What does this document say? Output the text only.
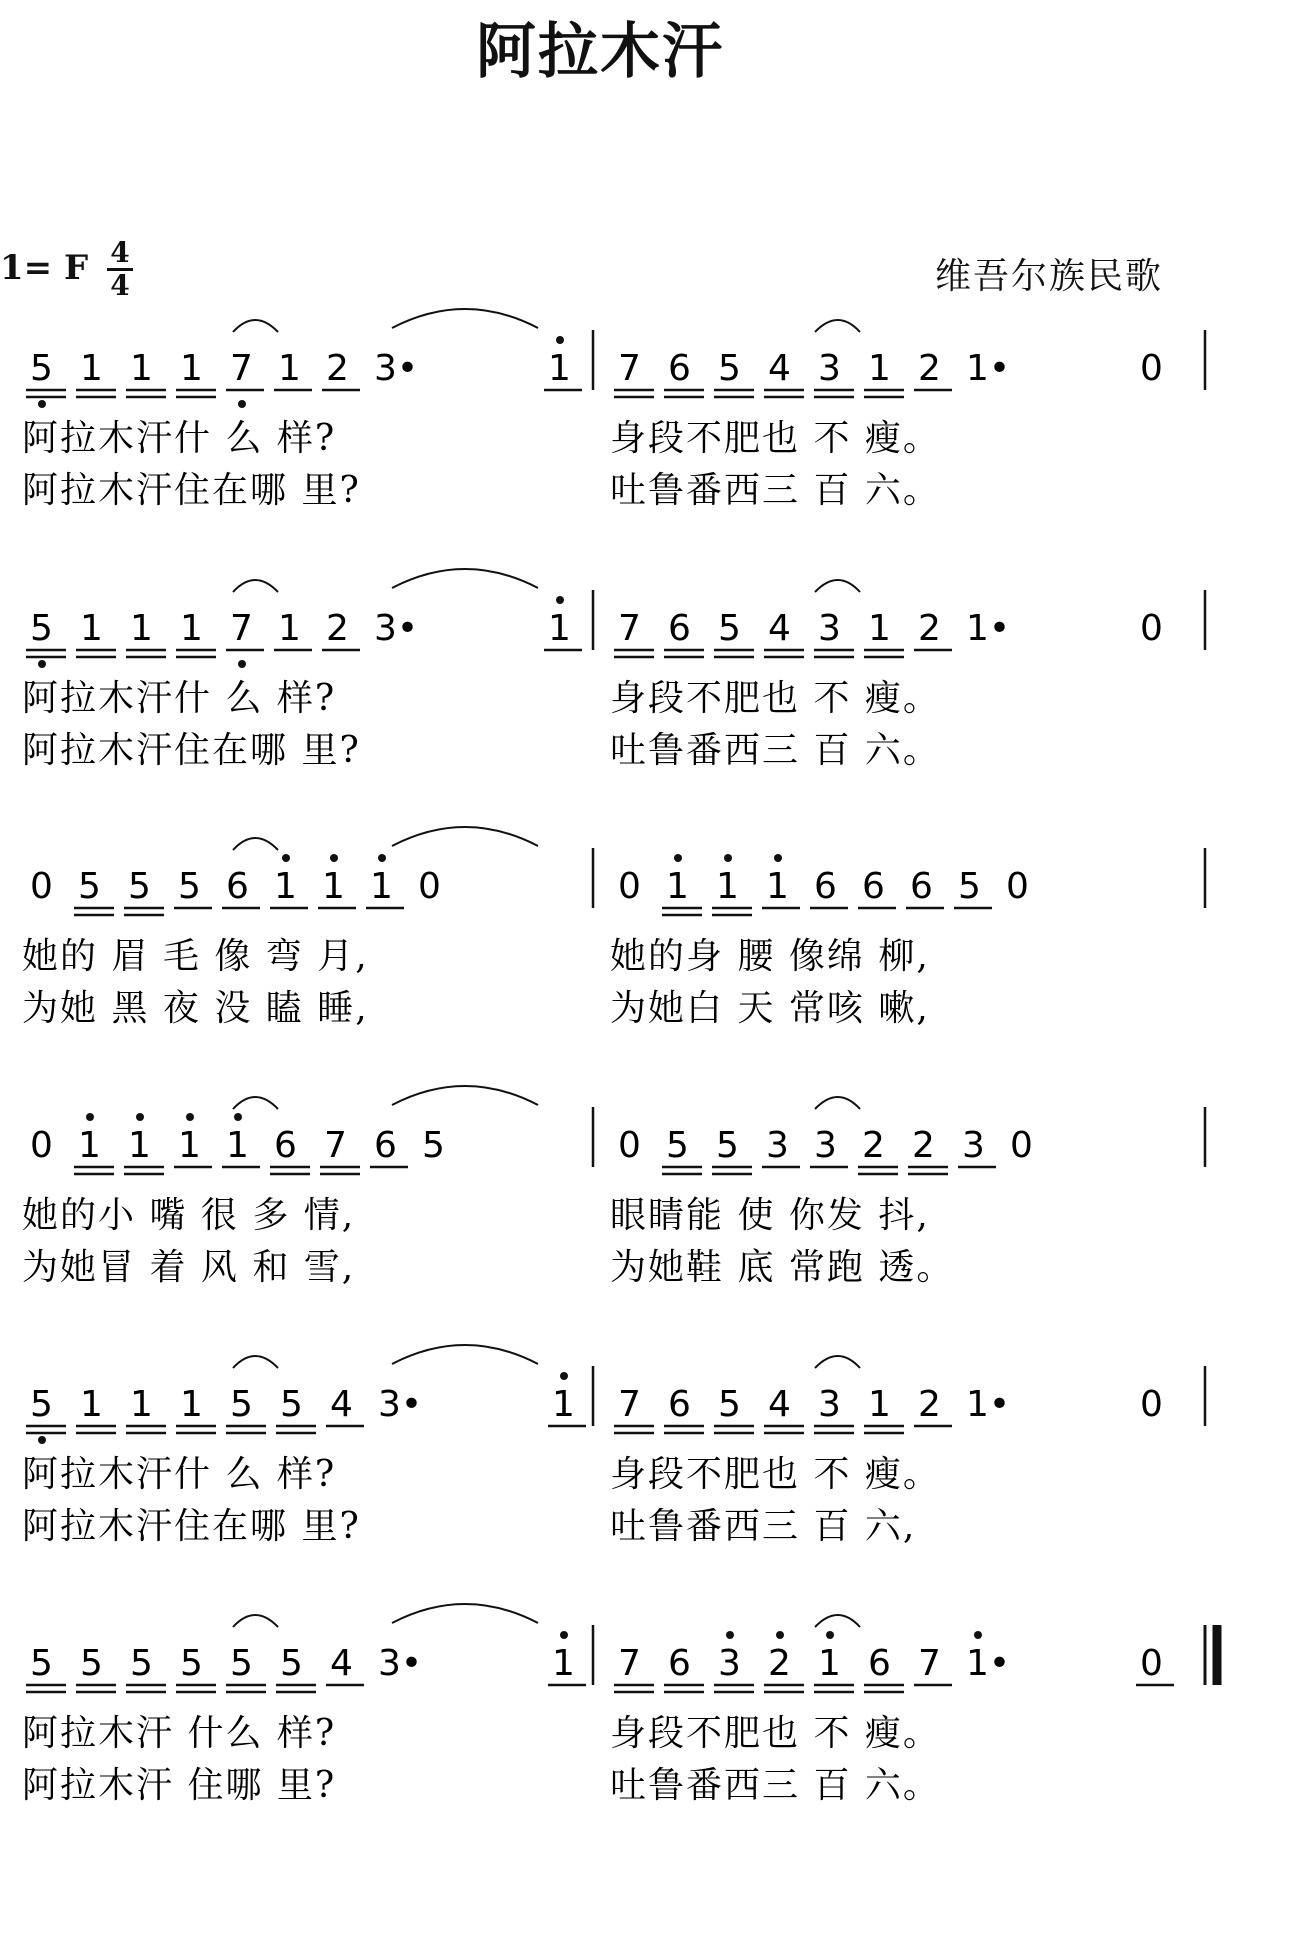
阿拉木汗
1= F 4
4	维吾尔族民歌
5 1 1 1 7 1 2 3•	1 7 6 5 4 3 1 2 1•	0
阿拉木汗什 么 样?	身段不肥也 不 瘦。
阿拉木汗住在哪 里?	吐鲁番西三 百 六。
5 1 1 1 7 1 2 3•	1 7 6 5 4 3 1 2 1•	0
阿拉木汗什 么 样?	身段不肥也 不 瘦。
阿拉木汗住在哪 里?	吐鲁番西三 百 六。
0 5 5 5 6 1 1 1 0	0 1 1 1 6 6 6 5 0
她的 眉 毛 像 弯 月,	她的身 腰 像绵 柳,
为她 黑 夜 没 瞌 睡,	为她白 天 常咳 嗽,
0 1 1 1 1 6 7 6 5	0 5 5 3 3 2 2 3 0
她的小 嘴 很 多 情,	眼睛能 使 你发 抖,
为她冒 着 风 和 雪,	为她鞋 底 常跑 透。
5 1 1 1 5 5 4 3•	1 7 6 5 4 3 1 2 1•	0
阿拉木汗什 么 样?	身段不肥也 不 瘦。
阿拉木汗住在哪 里?	吐鲁番西三 百 六,
5 5 5 5 5 5 4 3•	1 7 6 3 2 1 6 7 1•	0
阿拉木汗 什么 样?	身段不肥也 不 瘦。
阿拉木汗 住哪 里?	吐鲁番西三 百 六。
